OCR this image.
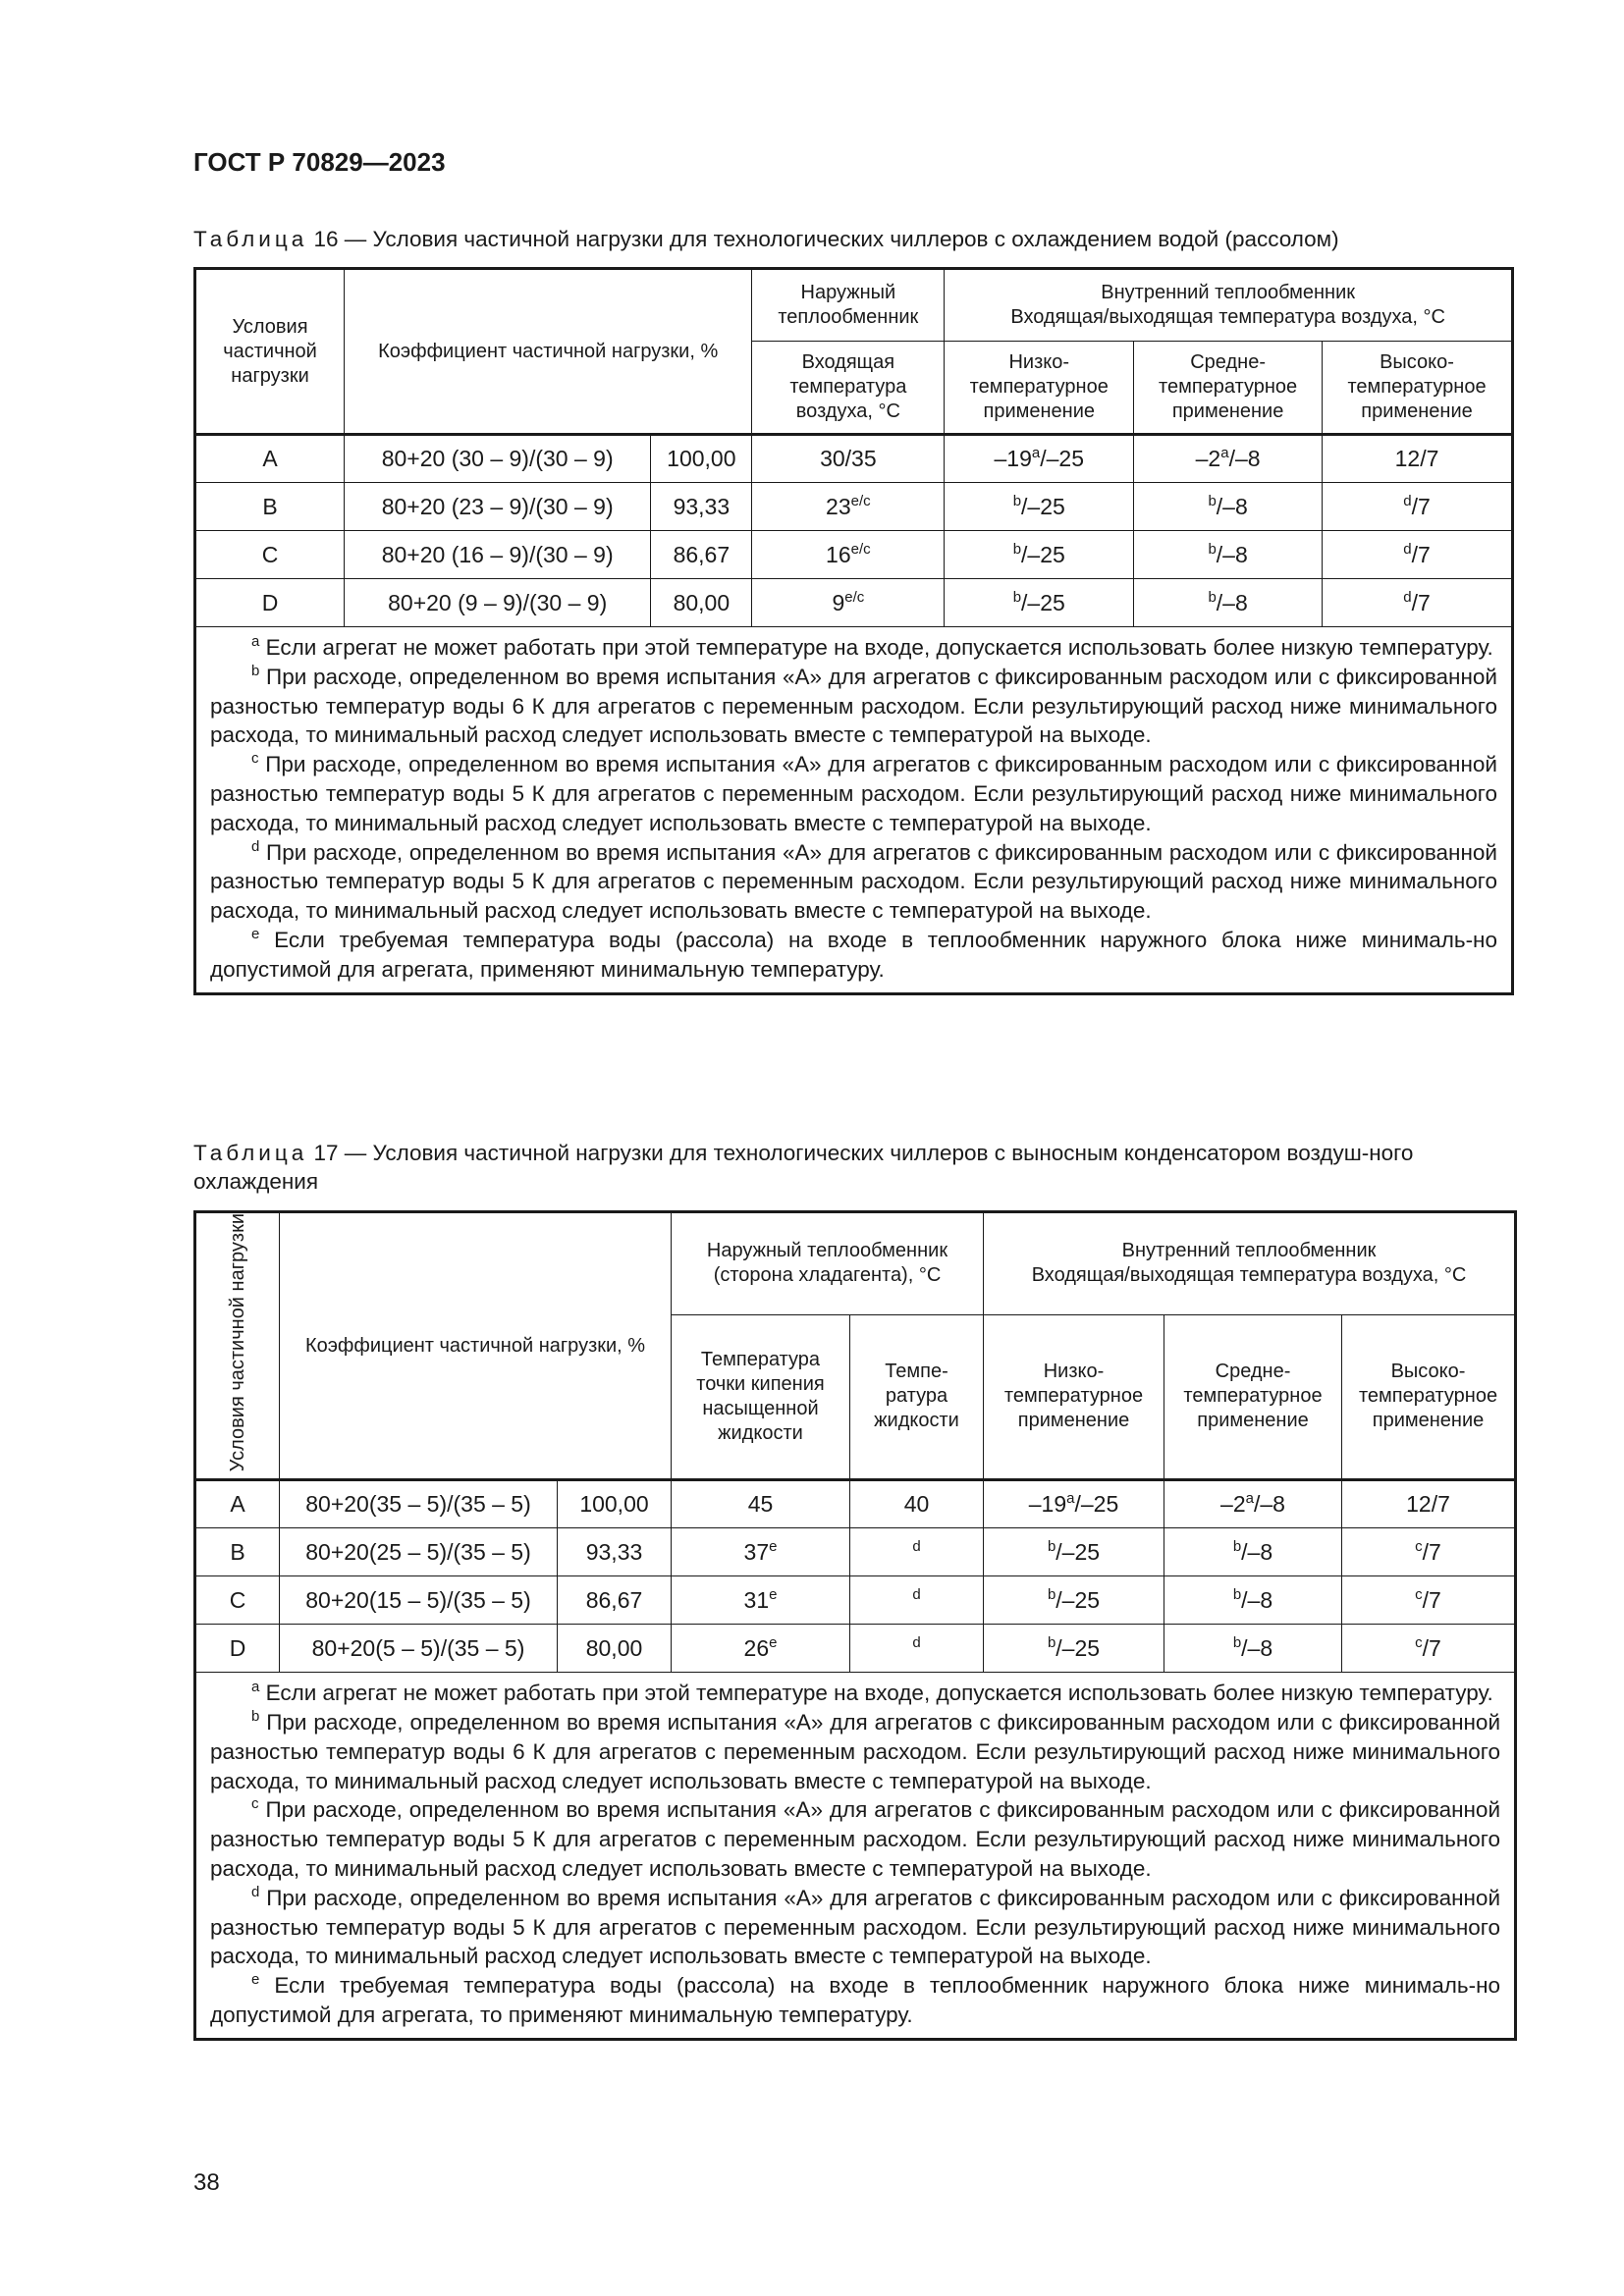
ГОСТ Р 70829—2023
Таблица 16 — Условия частичной нагрузки для технологических чиллеров с охлаждением водой (рассолом)
Условия частичной нагрузки	Коэффициент частичной нагрузки, %		Наружный теплообменник	Внутренний теплообменник
Входящая/выходящая температура воздуха, °С		
			Входящая температура воздуха, °С	Низко-температурное применение	Средне-температурное применение	Высоко-температурное применение
A	80+20 (30 – 9)/(30 – 9)	100,00	30/35	$-19^а/-25$	$-2^а/-8$	12/7
B	80+20 (23 – 9)/(30 – 9)	93,33	$23^{е/с}$	$^b$/–25	$^b$/–8	$^d$/7
C	80+20 (16 – 9)/(30 – 9)	86,67	$16^{е/с}$	$^b$/–25	$^b$/–8	$^d$/7
D	80+20 (9 – 9)/(30 – 9)	80,00	$9^{е/с}$	$^b$/–25	$^b$/–8	$^d$/7

$^а$ Если агрегат не может работать при этой температуре на входе, допускается использовать более низкую температуру.

$^b$ При расходе, определенном во время испытания «А» для агрегатов с фиксированным расходом или с фиксированной разностью температур воды 6 К для агрегатов с переменным расходом. Если результирующий расход ниже минимального расхода, то минимальный расход следует использовать вместе с температурой на выходе.

$^с$ При расходе, определенном во время испытания «А» для агрегатов с фиксированным расходом или с фиксированной разностью температур воды 5 К для агрегатов с переменным расходом. Если результирующий расход ниже минимального расхода, то минимальный расход следует использовать вместе с температурой на выходе.

$^d$ При расходе, определенном во время испытания «А» для агрегатов с фиксированным расходом или с фиксированной разностью температур воды 5 К для агрегатов с переменным расходом. Если результирующий расход ниже минимального расхода, то минимальный расход следует использовать вместе с температурой на выходе.

$^е$ Если требуемая температура воды (рассола) на входе в теплообменник наружного блока ниже минималь-но допустимой для агрегата, применяют минимальную температуру.						

Таблица 17 — Условия частичной нагрузки для технологических чиллеров с выносным конденсатором воздуш-ного охлаждения
Условия частичной нагрузки	Коэффициент частичной нагрузки, %		Наружный теплообменник
(сторона хладагента), °С		Внутренний теплообменник
Входящая/выходящая температура воздуха, °С		
			Температура точки кипения насыщенной жидкости	Темпе-ратура жидкости	Низко-температурное применение	Средне-температурное применение	Высоко-температурное применение
A	80+20(35 – 5)/(35 – 5)	100,00	45	40	$-19^а/-25$	$-2^а/-8$	12/7
B	80+20(25 – 5)/(35 – 5)	93,33	$37^е$	$^d$	$^b$/–25	$^b$/–8	$^с$/7
C	80+20(15 – 5)/(35 – 5)	86,67	$31^е$	$^d$	$^b$/–25	$^b$/–8	$^с$/7
D	80+20(5 – 5)/(35 – 5)	80,00	$26^е$	$^d$	$^b$/–25	$^b$/–8	$^с$/7

$^а$ Если агрегат не может работать при этой температуре на входе, допускается использовать более низкую температуру.

$^b$ При расходе, определенном во время испытания «А» для агрегатов с фиксированным расходом или с фиксированной разностью температур воды 6 К для агрегатов с переменным расходом. Если результирующий расход ниже минимального расхода, то минимальный расход следует использовать вместе с температурой на выходе.

$^с$ При расходе, определенном во время испытания «А» для агрегатов с фиксированным расходом или с фиксированной разностью температур воды 5 К для агрегатов с переменным расходом. Если результирующий расход ниже минимального расхода, то минимальный расход следует использовать вместе с температурой на выходе.

$^d$ При расходе, определенном во время испытания «А» для агрегатов с фиксированным расходом или с фиксированной разностью температур воды 5 К для агрегатов с переменным расходом. Если результирующий расход ниже минимального расхода, то минимальный расход следует использовать вместе с температурой на выходе.

$^е$ Если требуемая температура воды (рассола) на входе в теплообменник наружного блока ниже минималь-но допустимой для агрегата, то применяют минимальную температуру.							

38
